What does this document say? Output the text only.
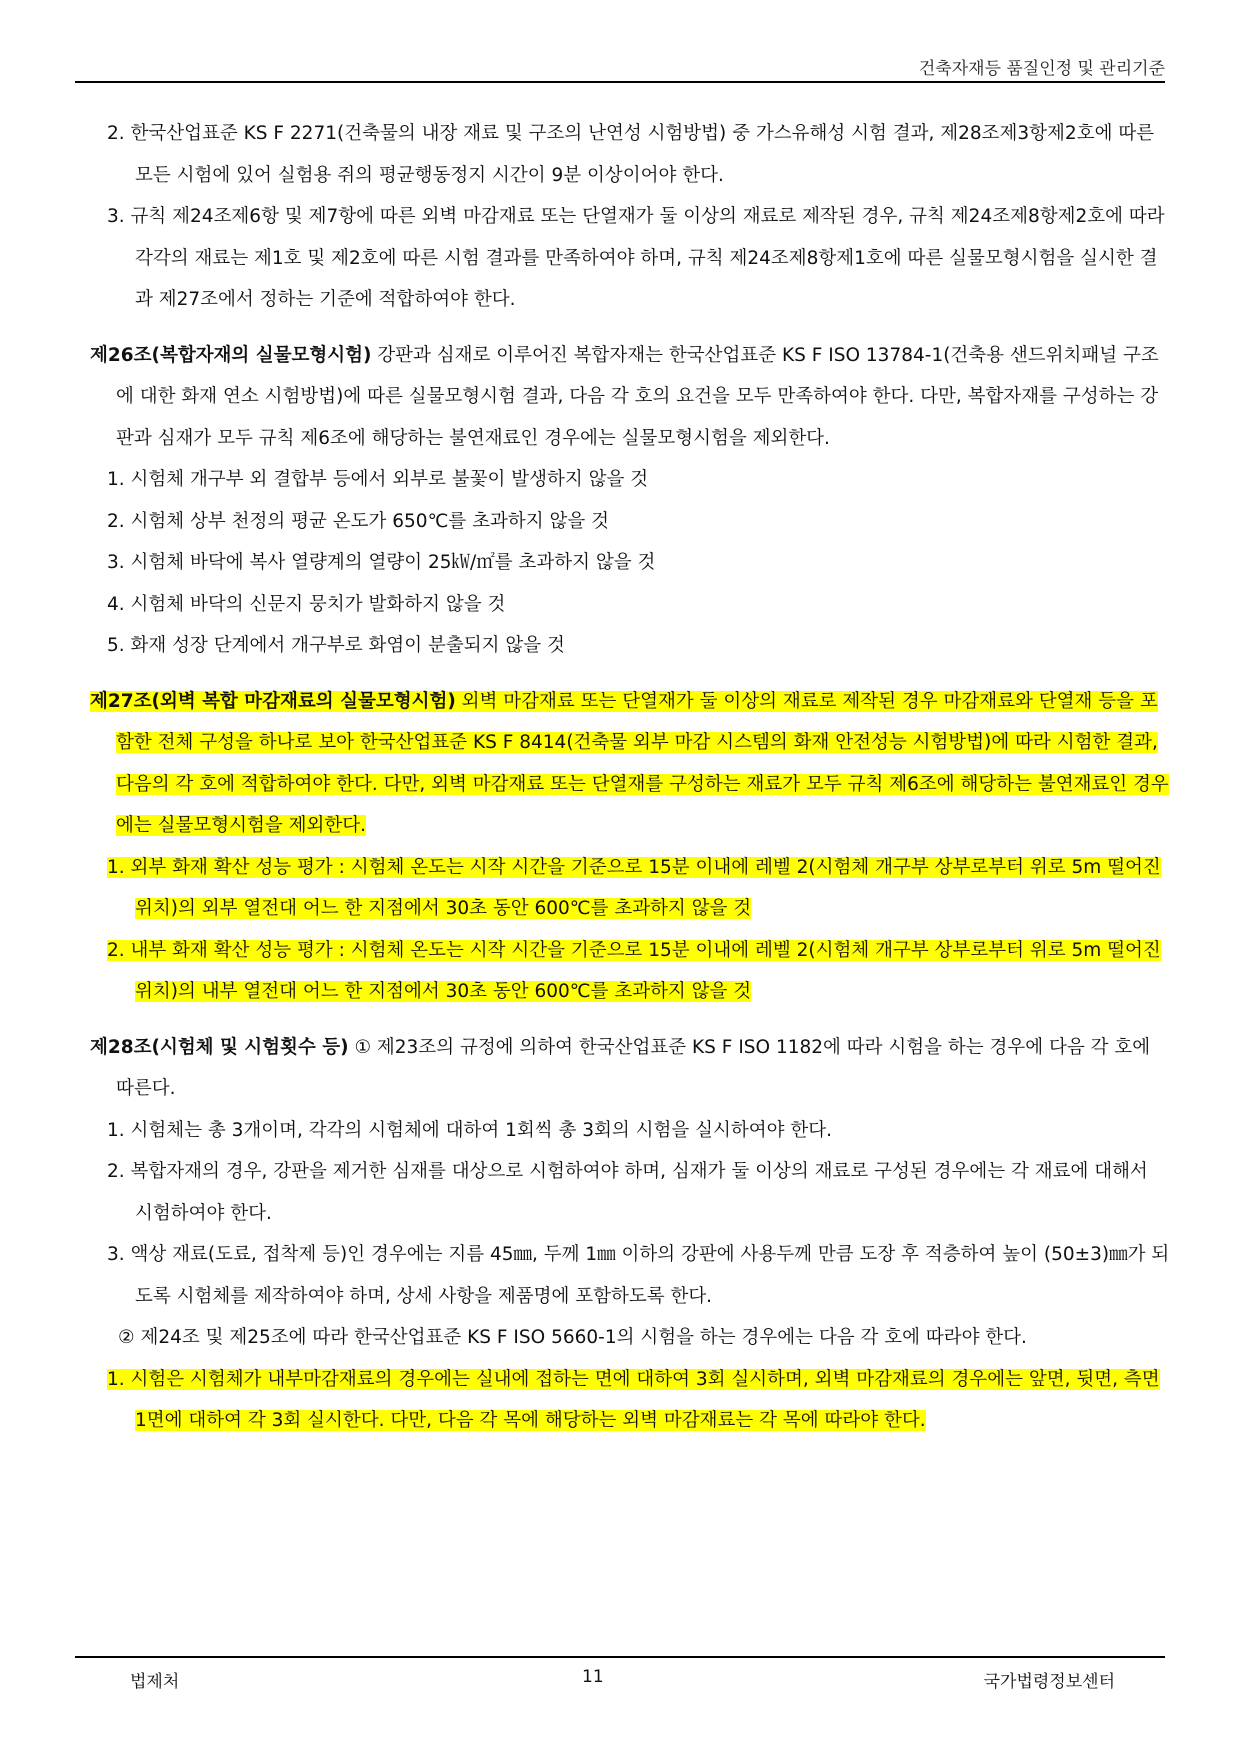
건축자재등 품질인정 및 관리기준

2. 한국산업표준 KS F 2271(건축물의 내장 재료 및 구조의 난연성 시험방법) 중 가스유해성 시험 결과, 제28조제3항제2호에 따른 모든 시험에 있어 실험용 쥐의 평균행동정지 시간이 9분 이상이어야 한다.

3. 규칙 제24조제6항 및 제7항에 따른 외벽 마감재료 또는 단열재가 둘 이상의 재료로 제작된 경우, 규칙 제24조제8항제2호에 따라 각각의 재료는 제1호 및 제2호에 따른 시험 결과를 만족하여야 하며, 규칙 제24조제8항제1호에 따른 실물모형시험을 실시한 결과 제27조에서 정하는 기준에 적합하여야 한다.

제26조(복합자재의 실물모형시험) 강판과 심재로 이루어진 복합자재는 한국산업표준 KS F ISO 13784-1(건축용 샌드위치패널 구조에 대한 화재 연소 시험방법)에 따른 실물모형시험 결과, 다음 각 호의 요건을 모두 만족하여야 한다. 다만, 복합자재를 구성하는 강판과 심재가 모두 규칙 제6조에 해당하는 불연재료인 경우에는 실물모형시험을 제외한다.

1. 시험체 개구부 외 결합부 등에서 외부로 불꽃이 발생하지 않을 것

2. 시험체 상부 천정의 평균 온도가 650℃를 초과하지 않을 것

3. 시험체 바닥에 복사 열량계의 열량이 25㎾/㎡를 초과하지 않을 것

4. 시험체 바닥의 신문지 뭉치가 발화하지 않을 것

5. 화재 성장 단계에서 개구부로 화염이 분출되지 않을 것

제27조(외벽 복합 마감재료의 실물모형시험) 외벽 마감재료 또는 단열재가 둘 이상의 재료로 제작된 경우 마감재료와 단열재 등을 포함한 전체 구성을 하나로 보아 한국산업표준 KS F 8414(건축물 외부 마감 시스템의 화재 안전성능 시험방법)에 따라 시험한 결과, 다음의 각 호에 적합하여야 한다. 다만, 외벽 마감재료 또는 단열재를 구성하는 재료가 모두 규칙 제6조에 해당하는 불연재료인 경우에는 실물모형시험을 제외한다.

1. 외부 화재 확산 성능 평가 : 시험체 온도는 시작 시간을 기준으로 15분 이내에 레벨 2(시험체 개구부 상부로부터 위로 5m 떨어진 위치)의 외부 열전대 어느 한 지점에서 30초 동안 600℃를 초과하지 않을 것

2. 내부 화재 확산 성능 평가 : 시험체 온도는 시작 시간을 기준으로 15분 이내에 레벨 2(시험체 개구부 상부로부터 위로 5m 떨어진 위치)의 내부 열전대 어느 한 지점에서 30초 동안 600℃를 초과하지 않을 것

제28조(시험체 및 시험횟수 등) ① 제23조의 규정에 의하여 한국산업표준 KS F ISO 1182에 따라 시험을 하는 경우에 다음 각 호에 따른다.

1. 시험체는 총 3개이며, 각각의 시험체에 대하여 1회씩 총 3회의 시험을 실시하여야 한다.

2. 복합자재의 경우, 강판을 제거한 심재를 대상으로 시험하여야 하며, 심재가 둘 이상의 재료로 구성된 경우에는 각 재료에 대해서 시험하여야 한다.

3. 액상 재료(도료, 접착제 등)인 경우에는 지름 45㎜, 두께 1㎜ 이하의 강판에 사용두께 만큼 도장 후 적층하여 높이 (50±3)㎜가 되도록 시험체를 제작하여야 하며, 상세 사항을 제품명에 포함하도록 한다.

② 제24조 및 제25조에 따라 한국산업표준 KS F ISO 5660-1의 시험을 하는 경우에는 다음 각 호에 따라야 한다.

1. 시험은 시험체가 내부마감재료의 경우에는 실내에 접하는 면에 대하여 3회 실시하며, 외벽 마감재료의 경우에는 앞면, 뒷면, 측면 1면에 대하여 각 3회 실시한다. 다만, 다음 각 목에 해당하는 외벽 마감재료는 각 목에 따라야 한다.

법제처	11	국가법령정보센터
